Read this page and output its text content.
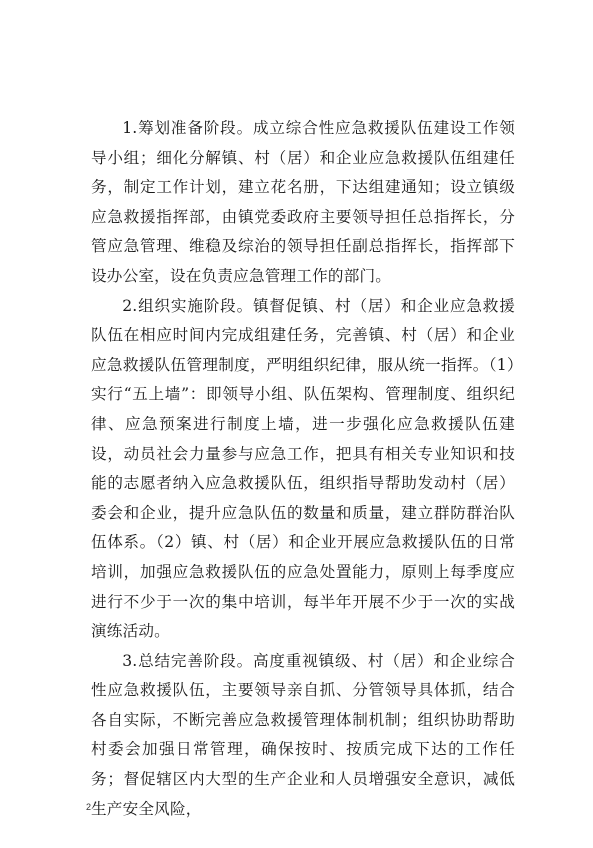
1.筹划准备阶段。成立综合性应急救援队伍建设工作领导小组；细化分解镇、村（居）和企业应急救援队伍组建任务，制定工作计划，建立花名册，下达组建通知；设立镇级应急救援指挥部，由镇党委政府主要领导担任总指挥长，分管应急管理、维稳及综治的领导担任副总指挥长，指挥部下设办公室，设在负责应急管理工作的部门。

2.组织实施阶段。镇督促镇、村（居）和企业应急救援队伍在相应时间内完成组建任务，完善镇、村（居）和企业应急救援队伍管理制度，严明组织纪律，服从统一指挥。（1）实行“五上墙”：即领导小组、队伍架构、管理制度、组织纪律、应急预案进行制度上墙，进一步强化应急救援队伍建设，动员社会力量参与应急工作，把具有相关专业知识和技能的志愿者纳入应急救援队伍，组织指导帮助发动村（居）委会和企业，提升应急队伍的数量和质量，建立群防群治队伍体系。（2）镇、村（居）和企业开展应急救援队伍的日常培训，加强应急救援队伍的应急处置能力，原则上每季度应进行不少于一次的集中培训，每半年开展不少于一次的实战演练活动。

3.总结完善阶段。高度重视镇级、村（居）和企业综合性应急救援队伍，主要领导亲自抓、分管领导具体抓，结合各自实际，不断完善应急救援管理体制机制；组织协助帮助村委会加强日常管理，确保按时、按质完成下达的工作任务；督促辖区内大型的生产企业和人员增强安全意识，减低生产安全风险，

2
